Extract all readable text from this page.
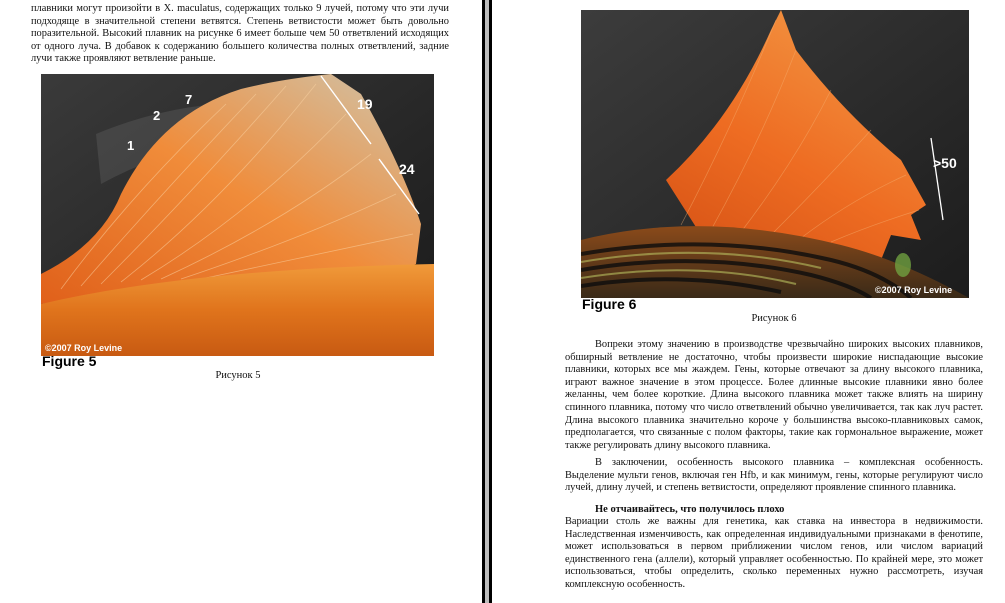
плавники могут произойти в X. maculatus, содержащих только 9 лучей, потому что эти лучи подходяще в значительной степени ветвятся. Степень ветвистости может быть довольно поразительной. Высокий плавник на рисунке 6 имеет больше чем 50 ответвлений исходящих от одного луча. В добавок к содержанию большего количества полных ответвлений, задние лучи также проявляют ветвление раньше.

1
2
7	19
24
©2007 Roy Levine
Figure 5
Рисунок 5
>50
©2007 Roy Levine
Figure 6
Рисунок 6

Вопреки этому значению в производстве чрезвычайно широких высоких плавников, обширный ветвление не достаточно, чтобы произвести широкие ниспадающие высокие плавники, которых все мы жаждем. Гены, которые отвечают за длину высокого плавника, играют важное значение в этом процессе. Более длинные высокие плавники явно более желанны, чем более короткие. Длина высокого плавника может также влиять на ширину спинного плавника, потому что число ответвлений обычно увеличивается, так как луч растет. Длина высокого плавника значительно короче у большинства высоко-плавниковых самок, предполагается, что связанные с полом факторы, такие как гормональное выражение, может также регулировать длину высокого плавника.

В заключении, особенность высокого плавника – комплексная особенность. Выделение мульти генов, включая ген Hfb, и как минимум, гены, которые регулируют число лучей, длину лучей, и степень ветвистости, определяют проявление спинного плавника.

Не отчаивайтесь, что получилось плохо

Вариации столь же важны для генетика, как ставка на инвестора в недвижимости. Наследственная изменчивость, как определенная индивидуальными признаками в фенотипе, может использоваться в первом приближении числом генов, или числом вариаций единственного гена (аллели), который управляет особенностью. По крайней мере, это может использоваться, чтобы определить, сколько переменных нужно рассмотреть, изучая комплексную особенность.
